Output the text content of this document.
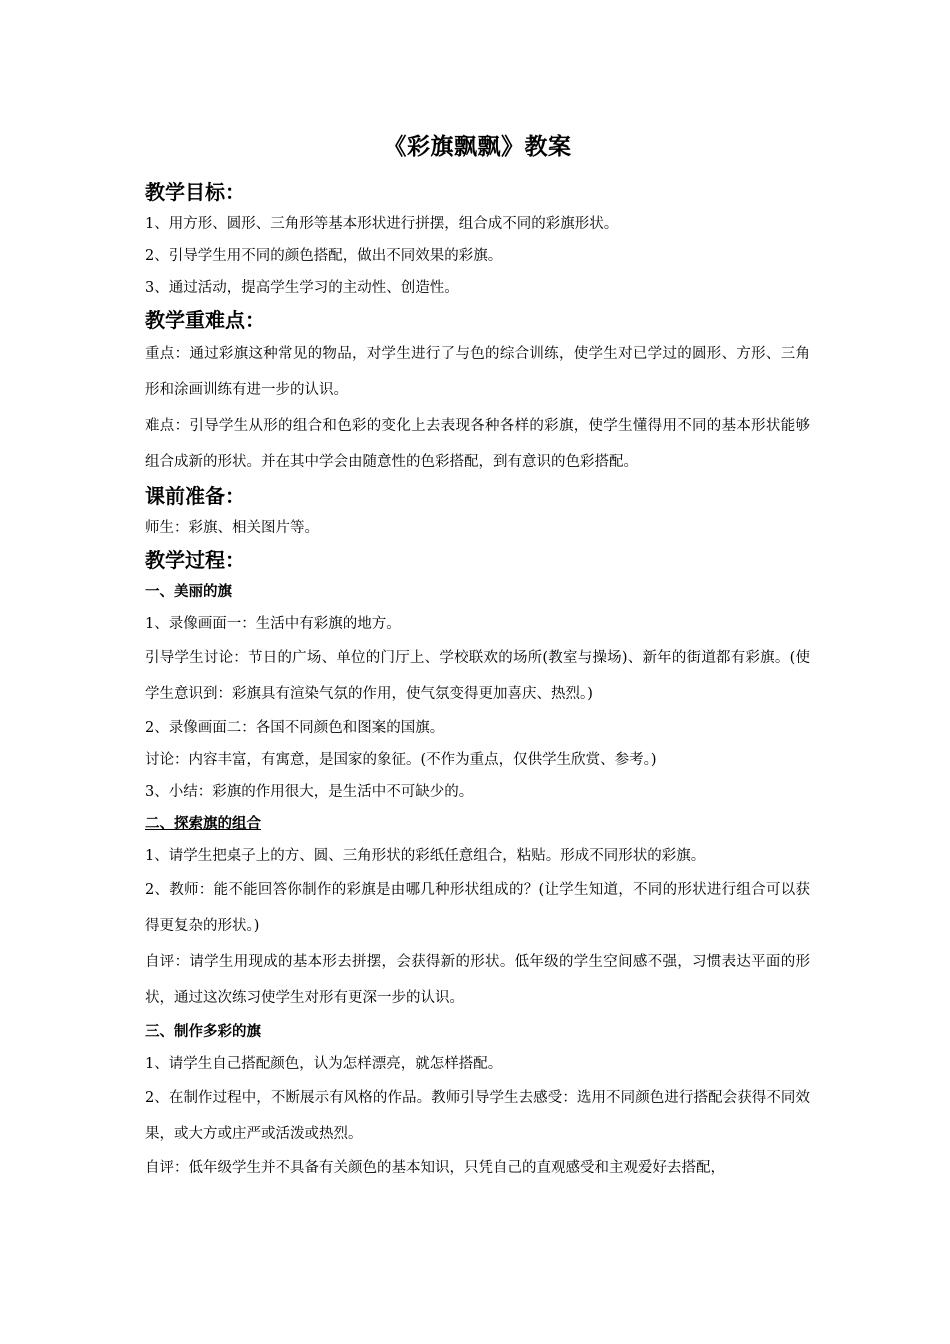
《彩旗飘飘》教案
教学目标：

1、用方形、圆形、三角形等基本形状进行拼摆，组合成不同的彩旗形状。

2、引导学生用不同的颜色搭配，做出不同效果的彩旗。

3、通过活动，提高学生学习的主动性、创造性。

教学重难点：

重点：通过彩旗这种常见的物品，对学生进行了与色的综合训练，使学生对已学过的圆形、方形、三角形和涂画训练有进一步的认识。

难点：引导学生从形的组合和色彩的变化上去表现各种各样的彩旗，使学生懂得用不同的基本形状能够组合成新的形状。并在其中学会由随意性的色彩搭配，到有意识的色彩搭配。

课前准备：

师生：彩旗、相关图片等。

教学过程：
一、美丽的旗

1、录像画面一：生活中有彩旗的地方。

引导学生讨论：节日的广场、单位的门厅上、学校联欢的场所(教室与操场)、新年的街道都有彩旗。(使学生意识到：彩旗具有渲染气氛的作用，使气氛变得更加喜庆、热烈。)

2、录像画面二：各国不同颜色和图案的国旗。

讨论：内容丰富，有寓意，是国家的象征。(不作为重点，仅供学生欣赏、参考。)

3、小结：彩旗的作用很大，是生活中不可缺少的。

二、探索旗的组合

1、请学生把桌子上的方、圆、三角形状的彩纸任意组合，粘贴。形成不同形状的彩旗。

2、教师：能不能回答你制作的彩旗是由哪几种形状组成的？(让学生知道，不同的形状进行组合可以获得更复杂的形状。)

自评：请学生用现成的基本形去拼摆，会获得新的形状。低年级的学生空间感不强，习惯表达平面的形状，通过这次练习使学生对形有更深一步的认识。

三、制作多彩的旗

1、请学生自己搭配颜色，认为怎样漂亮，就怎样搭配。

2、在制作过程中，不断展示有风格的作品。教师引导学生去感受：选用不同颜色进行搭配会获得不同效果，或大方或庄严或活泼或热烈。

自评：低年级学生并不具备有关颜色的基本知识，只凭自己的直观感受和主观爱好去搭配，
